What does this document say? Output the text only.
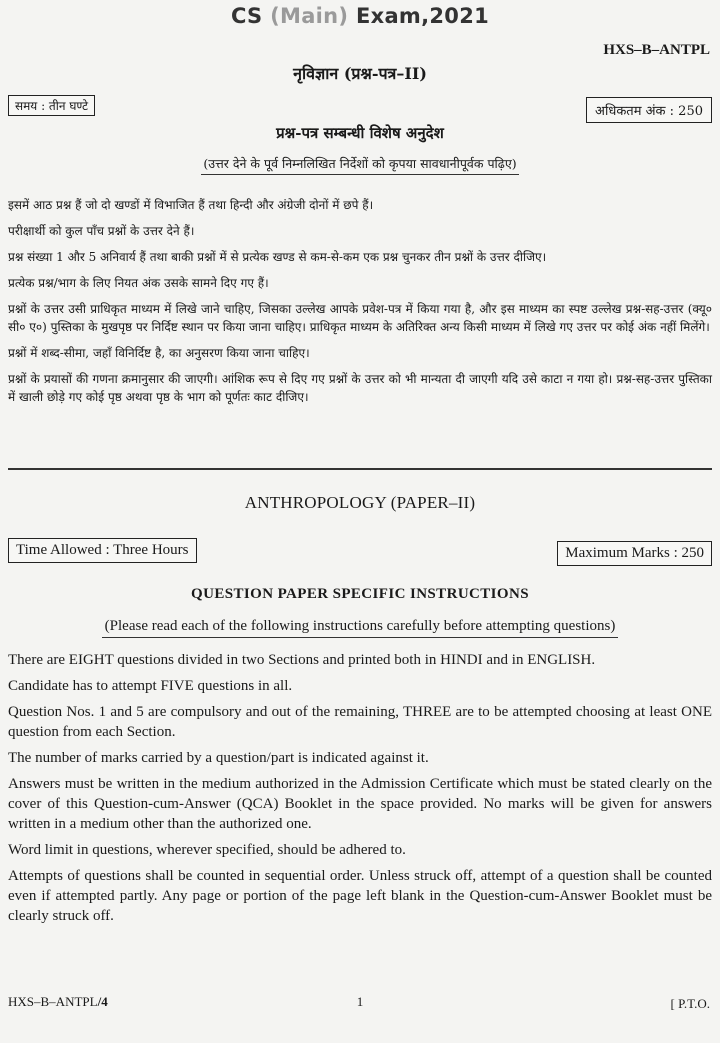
CS (Main) Exam,2021
HXS–B–ANTPL
नृविज्ञान (प्रश्न-पत्र–II)
समय : तीन घण्टे	अधिकतम अंक : 250
प्रश्न-पत्र सम्बन्धी विशेष अनुदेश
(उत्तर देने के पूर्व निम्नलिखित निर्देशों को कृपया सावधानीपूर्वक पढ़िए)

इसमें आठ प्रश्न हैं जो दो खण्डों में विभाजित हैं तथा हिन्दी और अंग्रेजी दोनों में छपे हैं।

परीक्षार्थी को कुल पाँच प्रश्नों के उत्तर देने हैं।

प्रश्न संख्या 1 और 5 अनिवार्य हैं तथा बाकी प्रश्नों में से प्रत्येक खण्ड से कम-से-कम एक प्रश्न चुनकर तीन प्रश्नों के उत्तर दीजिए।

प्रत्येक प्रश्न/भाग के लिए नियत अंक उसके सामने दिए गए हैं।

प्रश्नों के उत्तर उसी प्राधिकृत माध्यम में लिखे जाने चाहिए, जिसका उल्लेख आपके प्रवेश-पत्र में किया गया है, और इस माध्यम का स्पष्ट उल्लेख प्रश्न-सह-उत्तर (क्यू० सी० ए०) पुस्तिका के मुखपृष्ठ पर निर्दिष्ट स्थान पर किया जाना चाहिए। प्राधिकृत माध्यम के अतिरिक्त अन्य किसी माध्यम में लिखे गए उत्तर पर कोई अंक नहीं मिलेंगे।

प्रश्नों में शब्द-सीमा, जहाँ विनिर्दिष्ट है, का अनुसरण किया जाना चाहिए।

प्रश्नों के प्रयासों की गणना क्रमानुसार की जाएगी। आंशिक रूप से दिए गए प्रश्नों के उत्तर को भी मान्यता दी जाएगी यदि उसे काटा न गया हो। प्रश्न-सह-उत्तर पुस्तिका में खाली छोड़े गए कोई पृष्ठ अथवा पृष्ठ के भाग को पूर्णतः काट दीजिए।

ANTHROPOLOGY (PAPER–II)
Time Allowed : Three Hours	Maximum Marks : 250
QUESTION PAPER SPECIFIC INSTRUCTIONS
(Please read each of the following instructions carefully before attempting questions)

There are EIGHT questions divided in two Sections and printed both in HINDI and in ENGLISH.

Candidate has to attempt FIVE questions in all.

Question Nos. 1 and 5 are compulsory and out of the remaining, THREE are to be attempted choosing at least ONE question from each Section.

The number of marks carried by a question/part is indicated against it.

Answers must be written in the medium authorized in the Admission Certificate which must be stated clearly on the cover of this Question-cum-Answer (QCA) Booklet in the space provided. No marks will be given for answers written in a medium other than the authorized one.

Word limit in questions, wherever specified, should be adhered to.

Attempts of questions shall be counted in sequential order. Unless struck off, attempt of a question shall be counted even if attempted partly. Any page or portion of the page left blank in the Question-cum-Answer Booklet must be clearly struck off.

HXS–B–ANTPL/4	1	[ P.T.O.
